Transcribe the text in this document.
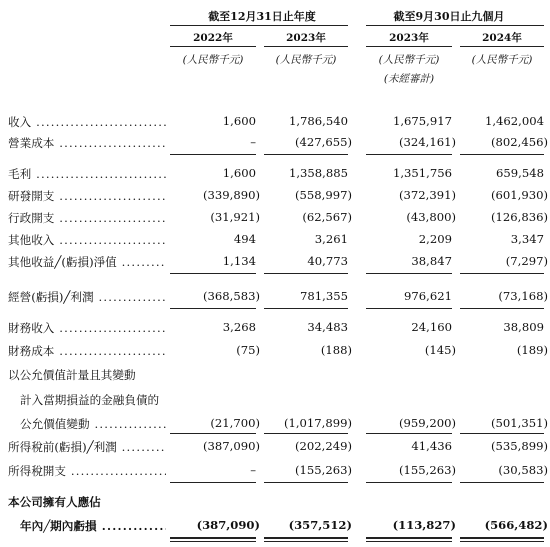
截至12月31日止年度	截至9月30日止九個月
2022年	2023年	2023年	2024年
(人民幣千元)	(人民幣千元)	(人民幣千元)	(人民幣千元)
(未經審計)
收入 .....	1,600	1,786,540	1,675,917	1,462,004
營業成本 .....	–	(427,655)	(324,161)	(802,456)
毛利 .....	1,600	1,358,885	1,351,756	659,548
研發開支 .....	(339,890)	(558,997)	(372,391)	(601,930)
行政開支 .....	(31,921)	(62,567)	(43,800)	(126,836)
其他收入 .....	494	3,261	2,209	3,347
其他收益╱(虧損)淨值 .....	1,134	40,773	38,847	(7,297)
經營(虧損)╱利潤 .....	(368,583)	781,355	976,621	(73,168)
財務收入 .....	3,268	34,483	24,160	38,809
財務成本 .....	(75)	(188)	(145)	(189)
以公允價值計量且其變動
計入當期損益的金融負債的
公允價值變動 .....	(21,700)	(1,017,899)	(959,200)	(501,351)
所得稅前(虧損)╱利潤 .....	(387,090)	(202,249)	41,436	(535,899)
所得稅開支 .....	–	(155,263)	(155,263)	(30,583)
本公司擁有人應佔
年內╱期內虧損 .....	(387,090)	(357,512)	(113,827)	(566,482)
